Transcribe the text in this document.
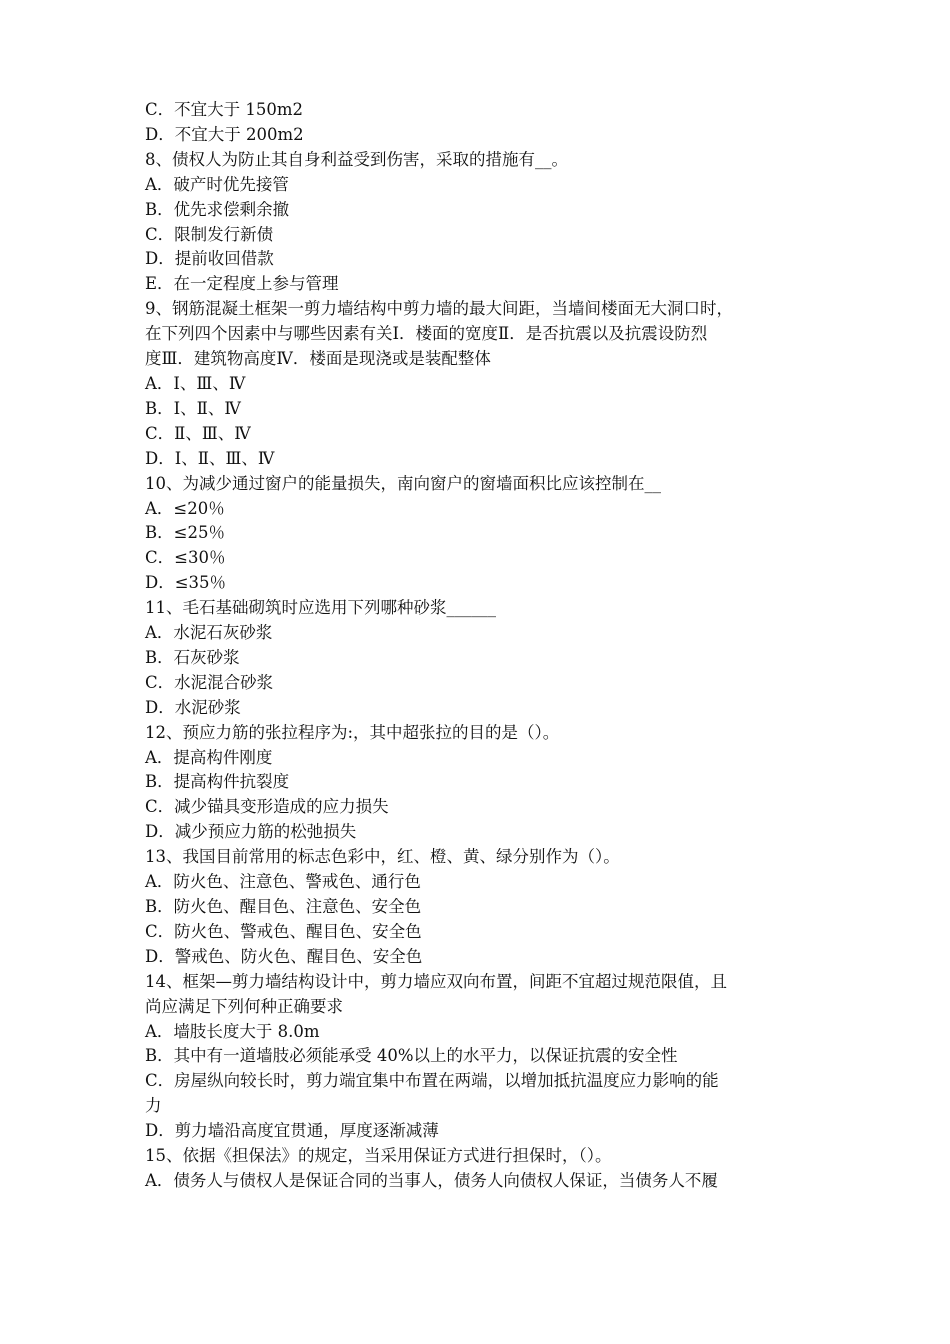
C．不宜大于 150m2

D．不宜大于 200m2

8、债权人为防止其自身利益受到伤害，采取的措施有__。

A．破产时优先接管

B．优先求偿剩余撤

C．限制发行新债

D．提前收回借款

E．在一定程度上参与管理

9、钢筋混凝土框架一剪力墙结构中剪力墙的最大间距，当墙间楼面无大洞口时，

在下列四个因素中与哪些因素有关Ⅰ．楼面的宽度Ⅱ．是否抗震以及抗震设防烈

度Ⅲ．建筑物高度Ⅳ．楼面是现浇或是装配整体

A．Ⅰ、Ⅲ、Ⅳ

B．Ⅰ、Ⅱ、Ⅳ

C．Ⅱ、Ⅲ、Ⅳ

D．Ⅰ、Ⅱ、Ⅲ、Ⅳ

10、为减少通过窗户的能量损失，南向窗户的窗墙面积比应该控制在__

A．≤20％

B．≤25％

C．≤30％

D．≤35％

11、毛石基础砌筑时应选用下列哪种砂浆______

A．水泥石灰砂浆

B．石灰砂浆

C．水泥混合砂浆

D．水泥砂浆

12、预应力筋的张拉程序为:，其中超张拉的目的是（）。

A．提高构件刚度

B．提高构件抗裂度

C．减少锚具变形造成的应力损失

D．减少预应力筋的松弛损失

13、我国目前常用的标志色彩中，红、橙、黄、绿分别作为（）。

A．防火色、注意色、警戒色、通行色

B．防火色、醒目色、注意色、安全色

C．防火色、警戒色、醒目色、安全色

D．警戒色、防火色、醒目色、安全色

14、框架—剪力墙结构设计中，剪力墙应双向布置，间距不宜超过规范限值，且

尚应满足下列何种正确要求

A．墙肢长度大于 8.0m

B．其中有一道墙肢必须能承受 40%以上的水平力，以保证抗震的安全性

C．房屋纵向较长时，剪力端宜集中布置在两端，以增加抵抗温度应力影响的能

力

D．剪力墙沿高度宜贯通，厚度逐渐减薄

15、依据《担保法》的规定，当采用保证方式进行担保时，（）。

A．债务人与债权人是保证合同的当事人，债务人向债权人保证，当债务人不履
